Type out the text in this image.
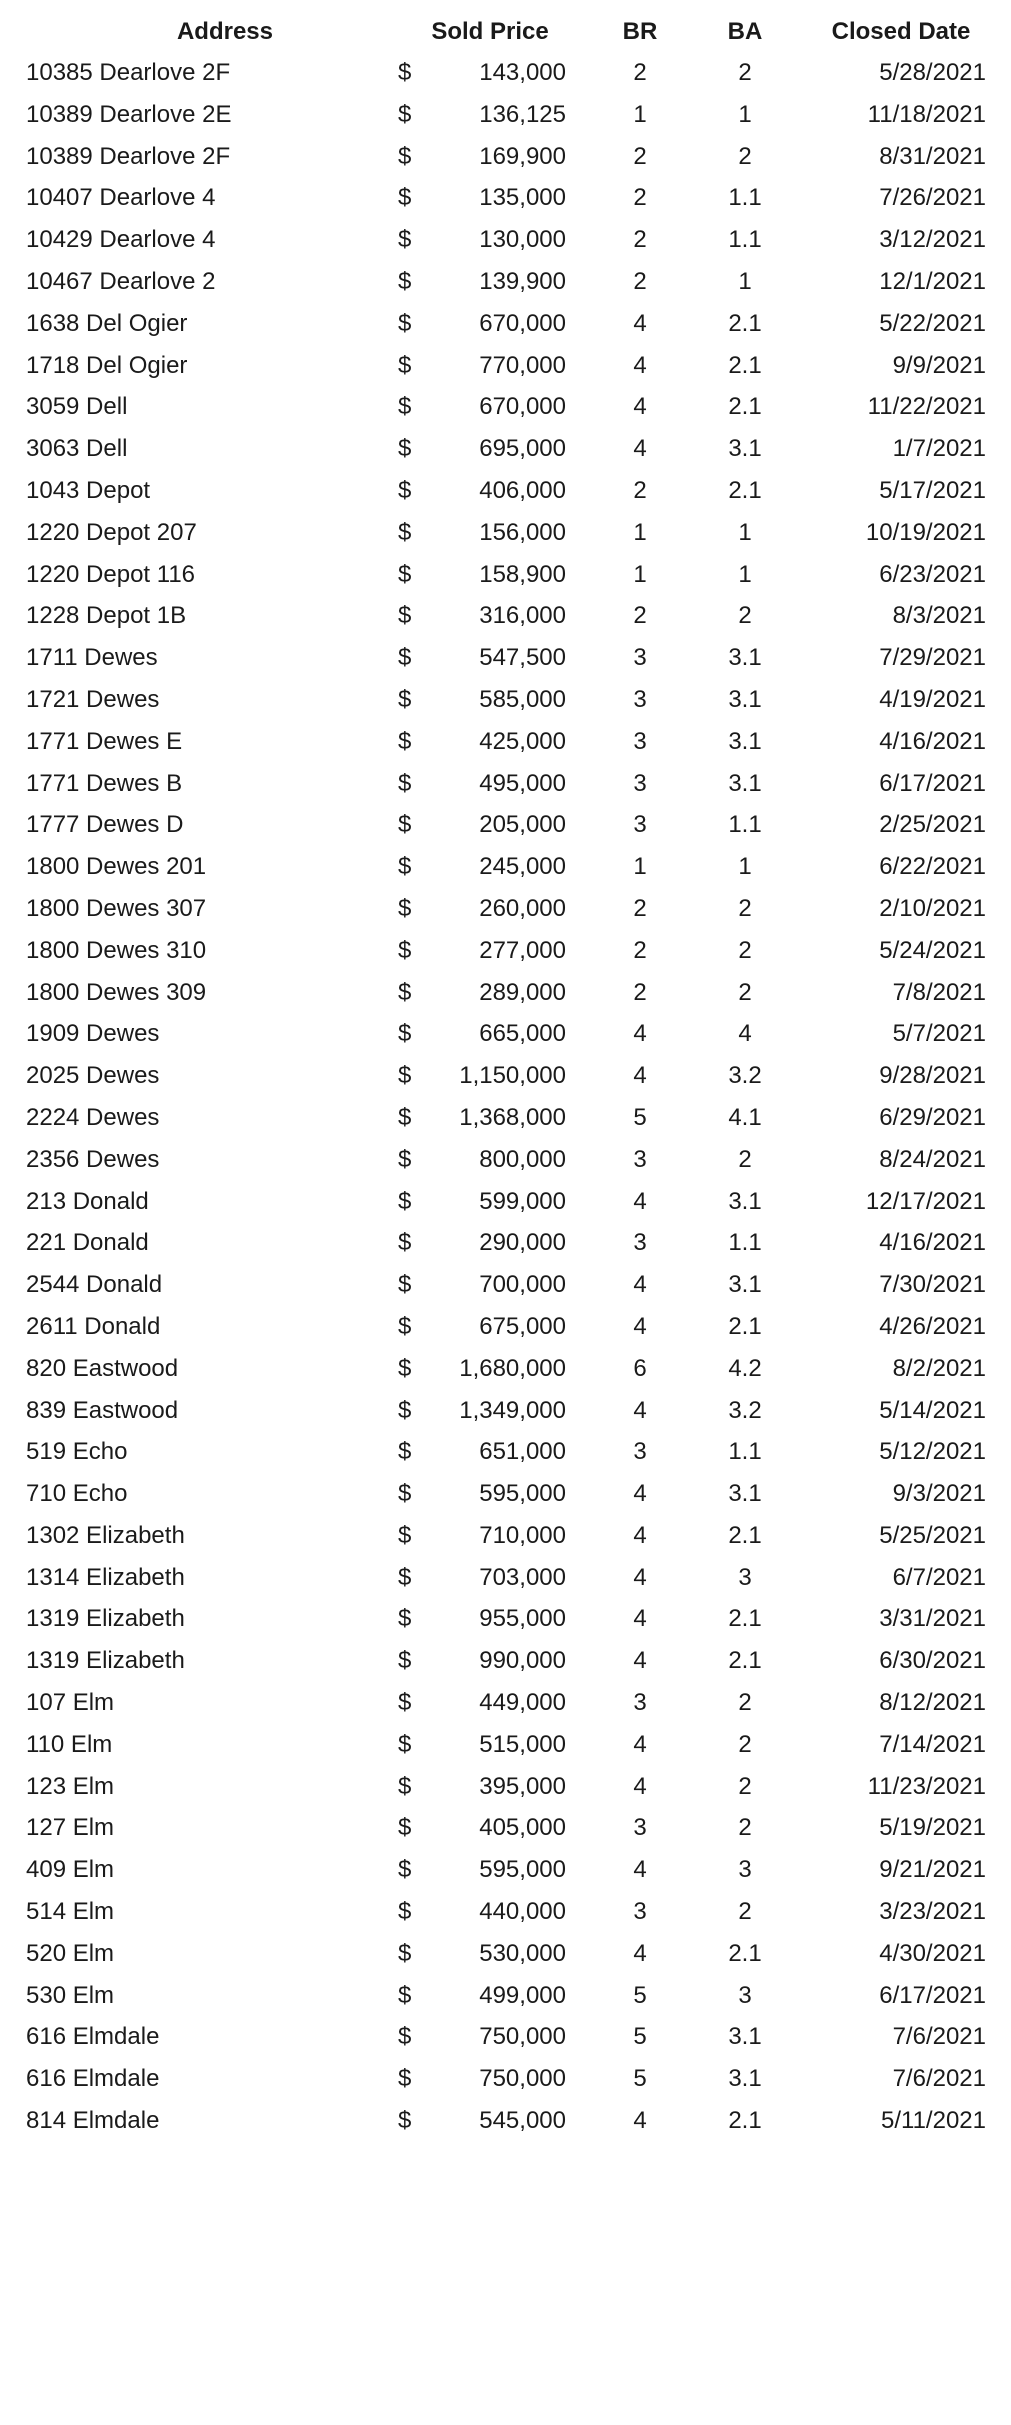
Address	Sold Price	BR	BA	Closed Date
10385 Dearlove 2F	$	143,000	2	2	5/28/2021
10389 Dearlove 2E	$	136,125	1	1	11/18/2021
10389 Dearlove 2F	$	169,900	2	2	8/31/2021
10407 Dearlove 4	$	135,000	2	1.1	7/26/2021
10429 Dearlove 4	$	130,000	2	1.1	3/12/2021
10467 Dearlove 2	$	139,900	2	1	12/1/2021
1638 Del Ogier	$	670,000	4	2.1	5/22/2021
1718 Del Ogier	$	770,000	4	2.1	9/9/2021
3059 Dell	$	670,000	4	2.1	11/22/2021
3063 Dell	$	695,000	4	3.1	1/7/2021
1043 Depot	$	406,000	2	2.1	5/17/2021
1220 Depot 207	$	156,000	1	1	10/19/2021
1220 Depot 116	$	158,900	1	1	6/23/2021
1228 Depot 1B	$	316,000	2	2	8/3/2021
1711 Dewes	$	547,500	3	3.1	7/29/2021
1721 Dewes	$	585,000	3	3.1	4/19/2021
1771 Dewes E	$	425,000	3	3.1	4/16/2021
1771 Dewes B	$	495,000	3	3.1	6/17/2021
1777 Dewes D	$	205,000	3	1.1	2/25/2021
1800 Dewes 201	$	245,000	1	1	6/22/2021
1800 Dewes 307	$	260,000	2	2	2/10/2021
1800 Dewes 310	$	277,000	2	2	5/24/2021
1800 Dewes 309	$	289,000	2	2	7/8/2021
1909 Dewes	$	665,000	4	4	5/7/2021
2025 Dewes	$	1,150,000	4	3.2	9/28/2021
2224 Dewes	$	1,368,000	5	4.1	6/29/2021
2356 Dewes	$	800,000	3	2	8/24/2021
213 Donald	$	599,000	4	3.1	12/17/2021
221 Donald	$	290,000	3	1.1	4/16/2021
2544 Donald	$	700,000	4	3.1	7/30/2021
2611 Donald	$	675,000	4	2.1	4/26/2021
820 Eastwood	$	1,680,000	6	4.2	8/2/2021
839 Eastwood	$	1,349,000	4	3.2	5/14/2021
519 Echo	$	651,000	3	1.1	5/12/2021
710 Echo	$	595,000	4	3.1	9/3/2021
1302 Elizabeth	$	710,000	4	2.1	5/25/2021
1314 Elizabeth	$	703,000	4	3	6/7/2021
1319 Elizabeth	$	955,000	4	2.1	3/31/2021
1319 Elizabeth	$	990,000	4	2.1	6/30/2021
107 Elm	$	449,000	3	2	8/12/2021
110 Elm	$	515,000	4	2	7/14/2021
123 Elm	$	395,000	4	2	11/23/2021
127 Elm	$	405,000	3	2	5/19/2021
409 Elm	$	595,000	4	3	9/21/2021
514 Elm	$	440,000	3	2	3/23/2021
520 Elm	$	530,000	4	2.1	4/30/2021
530 Elm	$	499,000	5	3	6/17/2021
616 Elmdale	$	750,000	5	3.1	7/6/2021
616 Elmdale	$	750,000	5	3.1	7/6/2021
814 Elmdale	$	545,000	4	2.1	5/11/2021
